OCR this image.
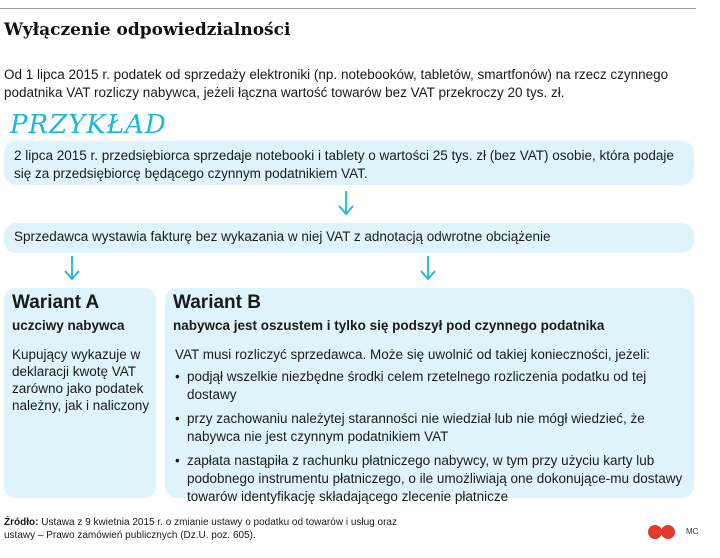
Wyłączenie odpowiedzialności
Od 1 lipca 2015 r. podatek od sprzedaży elektroniki (np. notebooków, tabletów, smartfonów) na rzecz czynnego podatnika VAT rozliczy nabywca, jeżeli łączna wartość towarów bez VAT przekroczy 20 tys. zł.
PRZYKŁAD
2 lipca 2015 r. przedsiębiorca sprzedaje notebooki i tablety o wartości 25 tys. zł (bez VAT) osobie, która podaje się za przedsiębiorcę będącego czynnym podatnikiem VAT.
Sprzedawca wystawia fakturę bez wykazania w niej VAT z adnotacją odwrotne obciążenie
Wariant A
uczciwy nabywca
Kupujący wykazuje w deklaracji kwotę VAT zarówno jako podatek należny, jak i naliczony
Wariant B
nabywca jest oszustem i tylko się podszył pod czynnego podatnika
VAT musi rozliczyć sprzedawca. Może się uwolnić od takiej konieczności, jeżeli:
• podjął wszelkie niezbędne środki celem rzetelnego rozliczenia podatku od tej dostawy
• przy zachowaniu należytej staranności nie wiedział lub nie mógł wiedzieć, że nabywca nie jest czynnym podatnikiem VAT
• zapłata nastąpiła z rachunku płatniczego nabywcy, w tym przy użyciu karty lub podobnego instrumentu płatniczego, o ile umożliwiają one dokonujące-mu dostawy towarów identyfikację składającego zlecenie płatnicze
Źródło: Ustawa z 9 kwietnia 2015 r. o zmianie ustawy o podatku od towarów i usług oraz ustawy – Prawo zamówień publicznych (Dz.U. poz. 605).	MC
